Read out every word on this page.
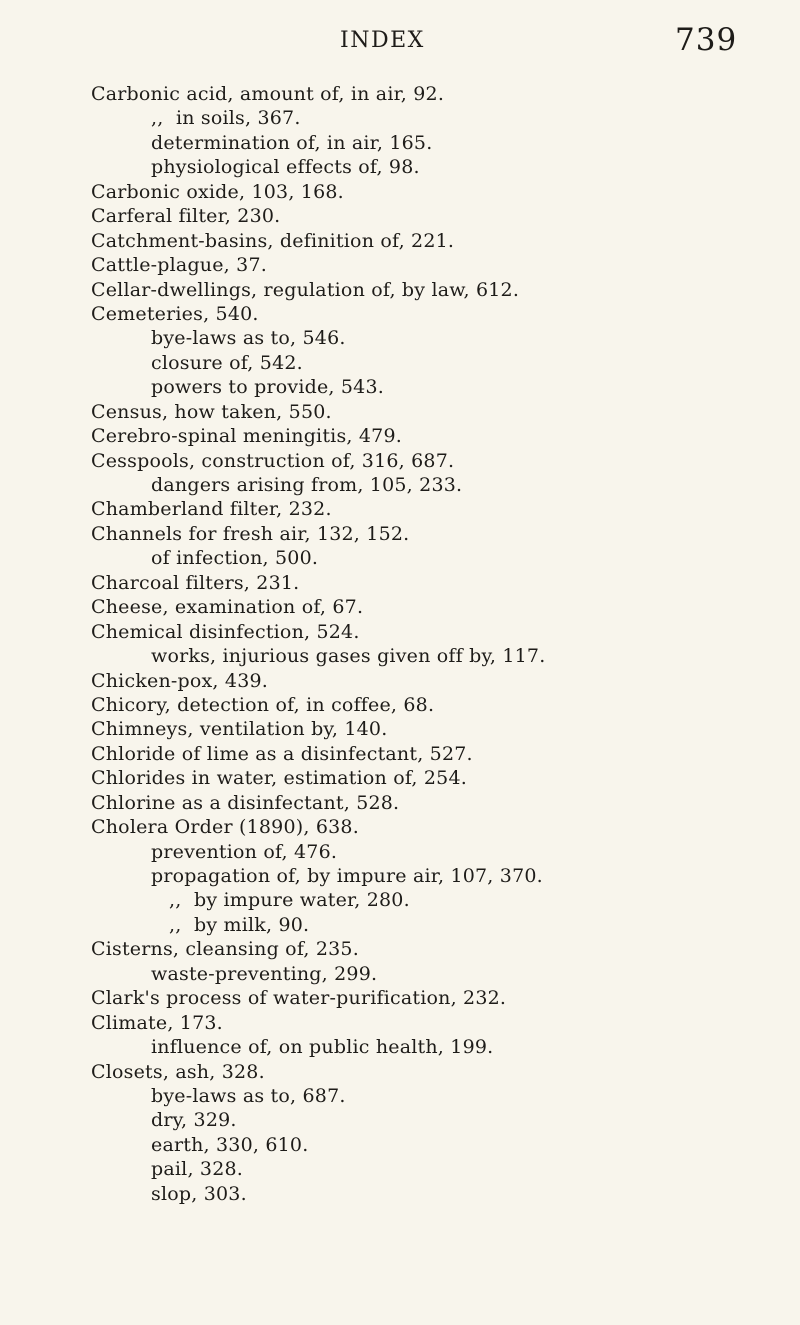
INDEX	739
Carbonic acid, amount of, in air, 92.
,,  in soils, 367.
determination of, in air, 165.
physiological effects of, 98.
Carbonic oxide, 103, 168.
Carferal filter, 230.
Catchment-basins, definition of, 221.
Cattle-plague, 37.
Cellar-dwellings, regulation of, by law, 612.
Cemeteries, 540.
bye-laws as to, 546.
closure of, 542.
powers to provide, 543.
Census, how taken, 550.
Cerebro-spinal meningitis, 479.
Cesspools, construction of, 316, 687.
dangers arising from, 105, 233.
Chamberland filter, 232.
Channels for fresh air, 132, 152.
of infection, 500.
Charcoal filters, 231.
Cheese, examination of, 67.
Chemical disinfection, 524.
works, injurious gases given off by, 117.
Chicken-pox, 439.
Chicory, detection of, in coffee, 68.
Chimneys, ventilation by, 140.
Chloride of lime as a disinfectant, 527.
Chlorides in water, estimation of, 254.
Chlorine as a disinfectant, 528.
Cholera Order (1890), 638.
prevention of, 476.
propagation of, by impure air, 107, 370.
,,  by impure water, 280.
,,  by milk, 90.
Cisterns, cleansing of, 235.
waste-preventing, 299.
Clark's process of water-purification, 232.
Climate, 173.
influence of, on public health, 199.
Closets, ash, 328.
bye-laws as to, 687.
dry, 329.
earth, 330, 610.
pail, 328.
slop, 303.
